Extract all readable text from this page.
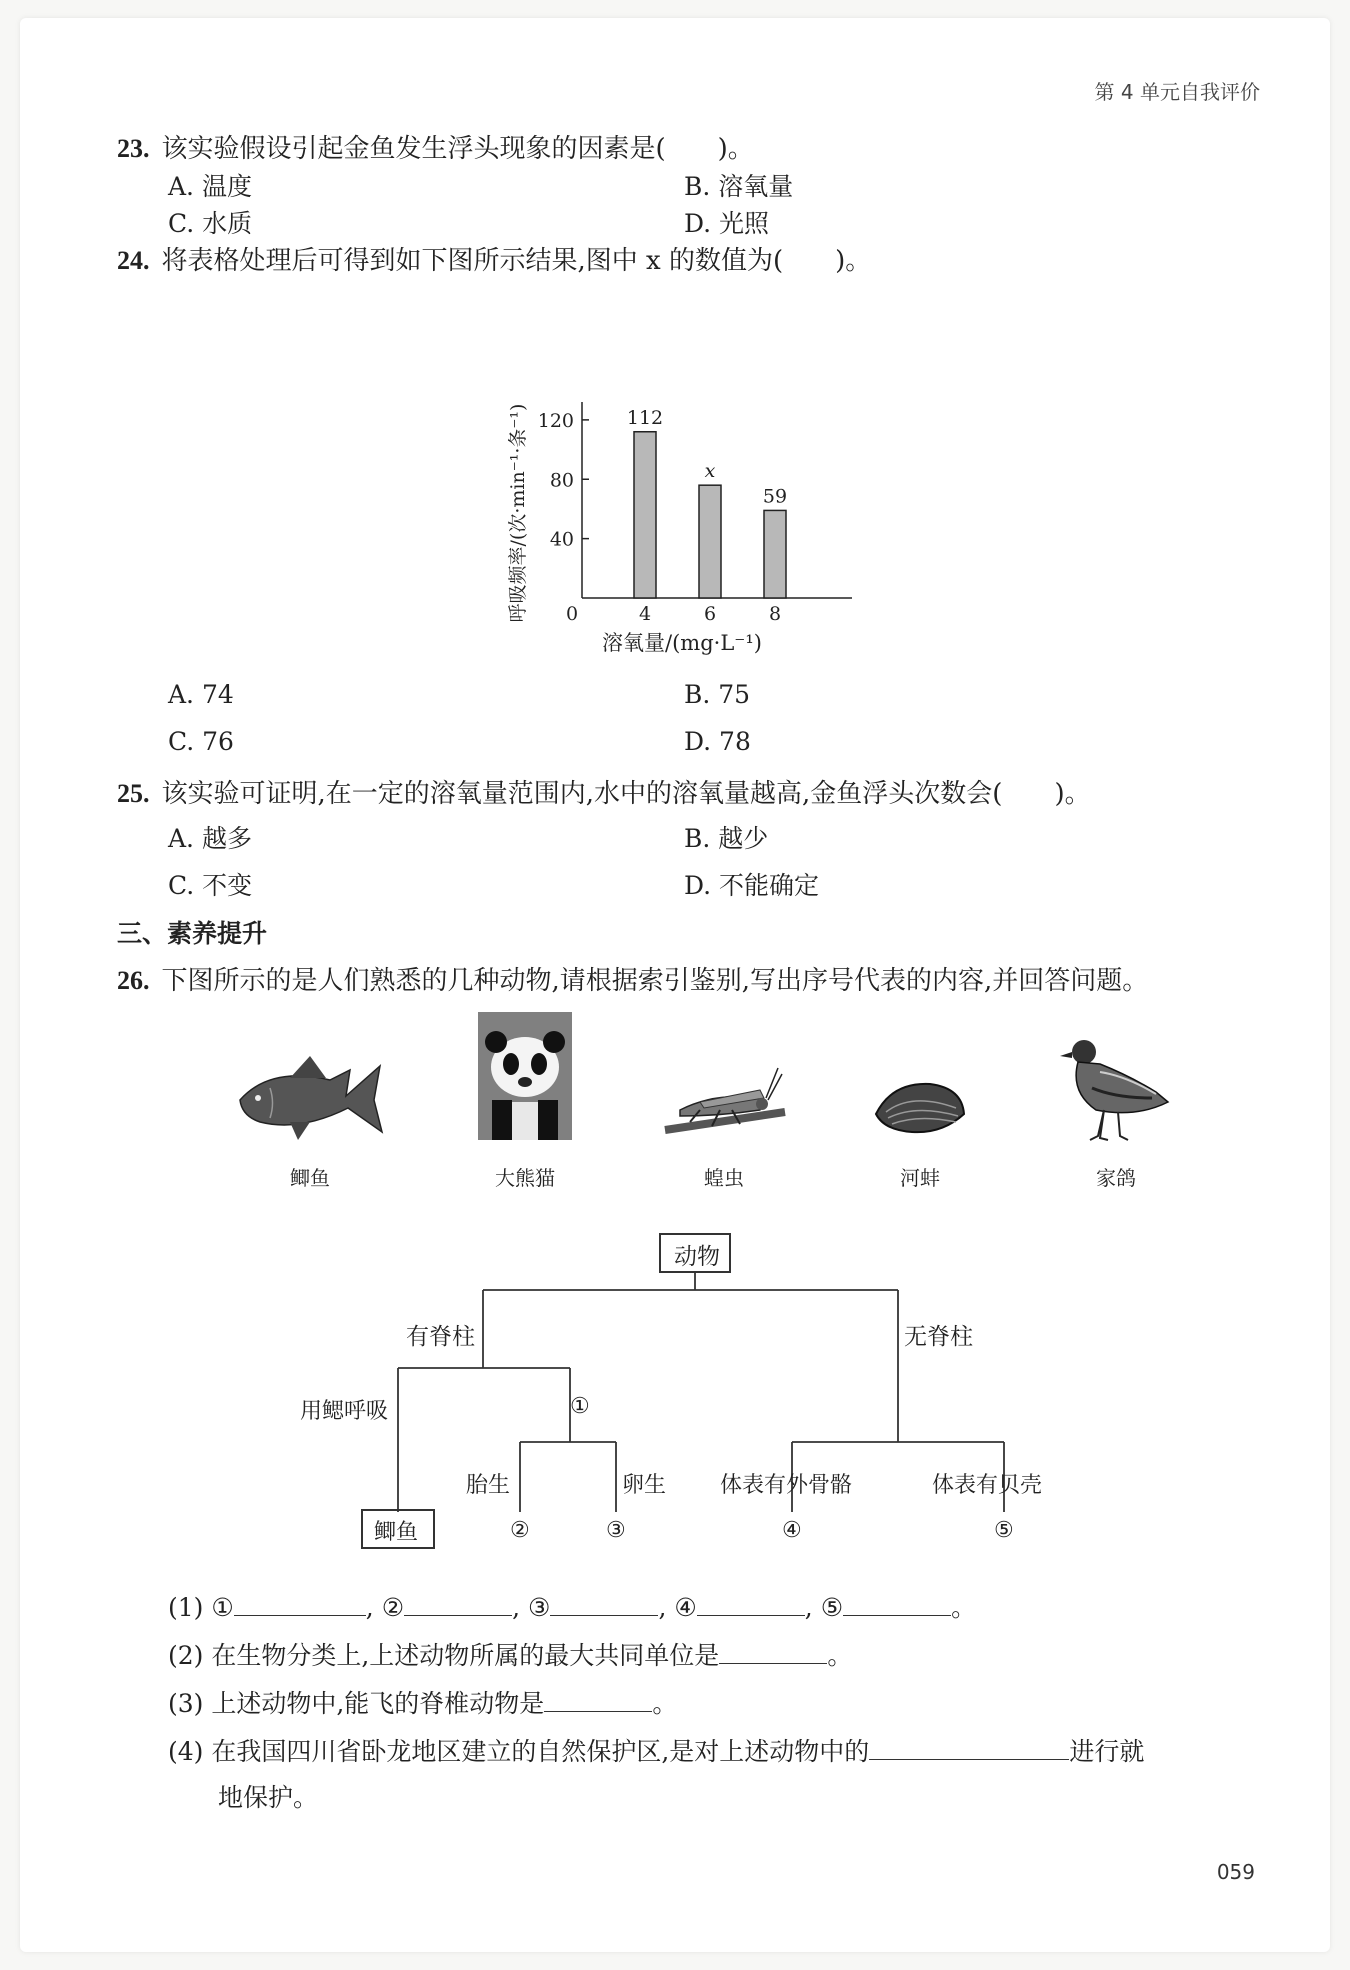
第 4 单元自我评价
23. 该实验假设引起金鱼发生浮头现象的因素是(　　)。
A. 温度	B. 溶氧量
C. 水质	D. 光照
24. 将表格处理后可得到如下图所示结果,图中 x 的数值为(　　)。
40
80
120
0	4
112
6
x
8
59
溶氧量/(mg·L⁻¹)
呼吸频率/(次·min⁻¹·条⁻¹)
A. 74	B. 75
C. 76	D. 78
25. 该实验可证明,在一定的溶氧量范围内,水中的溶氧量越高,金鱼浮头次数会(　　)。
A. 越多	B. 越少
C. 不变	D. 不能确定
三、素养提升
26. 下图所示的是人们熟悉的几种动物,请根据索引鉴别,写出序号代表的内容,并回答问题。
鲫鱼	大熊猫	蝗虫	河蚌	家鸽
动物
有脊柱	无脊柱
用鳃呼吸	①
胎生	卵生 体表有外骨骼	体表有贝壳
鲫鱼	②	③	④	⑤
(1) ①	, ②	, ③	, ④	, ⑤	。
(2) 在生物分类上,上述动物所属的最大共同单位是	。
(3) 上述动物中,能飞的脊椎动物是	。
(4) 在我国四川省卧龙地区建立的自然保护区,是对上述动物中的	进行就
地保护。
059
